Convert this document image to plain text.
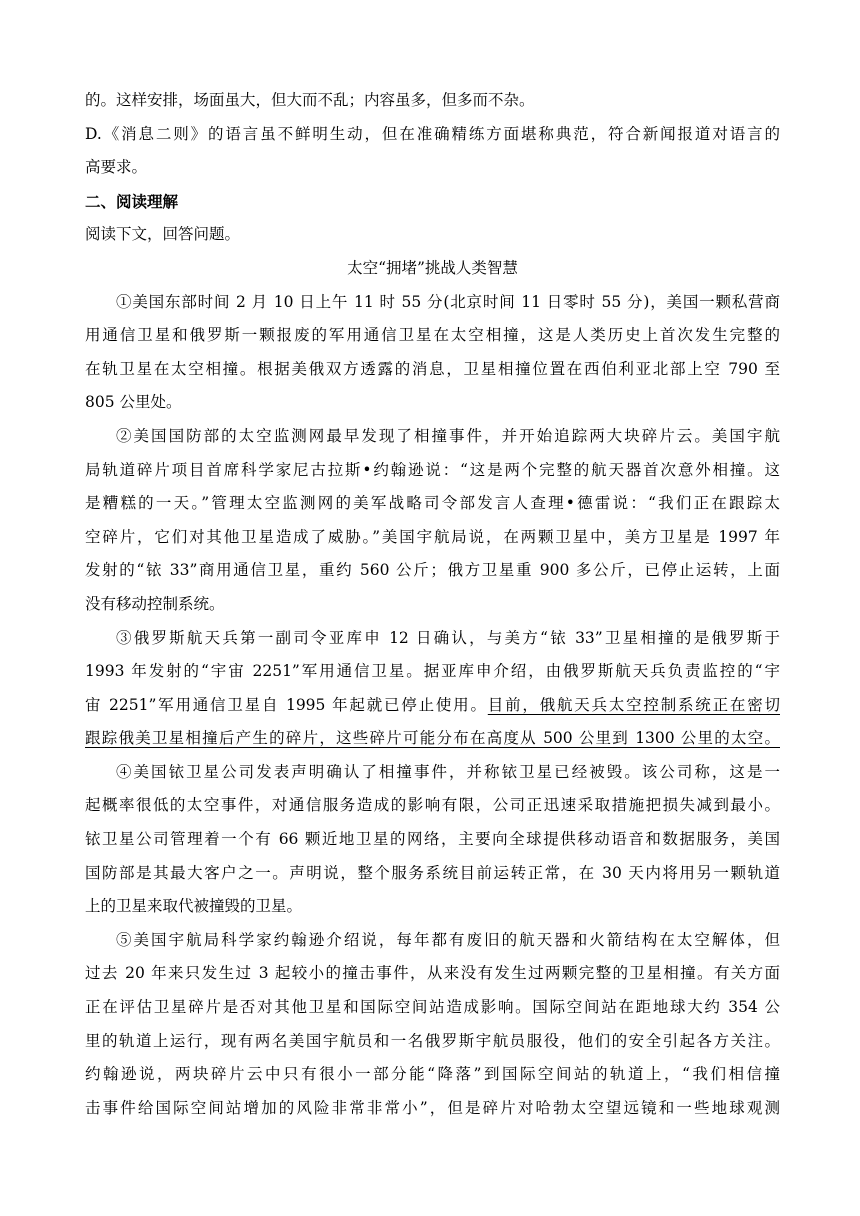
的。这样安排，场面虽大，但大而不乱；内容虽多，但多而不杂。

D.《消息二则》的语言虽不鲜明生动，但在准确精练方面堪称典范，符合新闻报道对语言的

高要求。

二、阅读理解

阅读下文，回答问题。

太空“拥堵”挑战人类智慧

①美国东部时间 2 月 10 日上午 11 时 55 分(北京时间 11 日零时 55 分)，美国一颗私营商

用通信卫星和俄罗斯一颗报废的军用通信卫星在太空相撞，这是人类历史上首次发生完整的

在轨卫星在太空相撞。根据美俄双方透露的消息，卫星相撞位置在西伯利亚北部上空 790 至

805 公里处。

②美国国防部的太空监测网最早发现了相撞事件，并开始追踪两大块碎片云。美国宇航

局轨道碎片项目首席科学家尼古拉斯•约翰逊说：“这是两个完整的航天器首次意外相撞。这

是糟糕的一天。”管理太空监测网的美军战略司令部发言人查理•德雷说：“我们正在跟踪太

空碎片，它们对其他卫星造成了威胁。”美国宇航局说，在两颗卫星中，美方卫星是 1997 年

发射的“铱 33”商用通信卫星，重约 560 公斤；俄方卫星重 900 多公斤，已停止运转，上面

没有移动控制系统。

③俄罗斯航天兵第一副司令亚库申 12 日确认，与美方“铱 33”卫星相撞的是俄罗斯于

1993 年发射的“宇宙 2251”军用通信卫星。据亚库申介绍，由俄罗斯航天兵负责监控的“宇

宙 2251”军用通信卫星自 1995 年起就已停止使用。目前，俄航天兵太空控制系统正在密切

跟踪俄美卫星相撞后产生的碎片，这些碎片可能分布在高度从 500 公里到 1300 公里的太空。

④美国铱卫星公司发表声明确认了相撞事件，并称铱卫星已经被毁。该公司称，这是一

起概率很低的太空事件，对通信服务造成的影响有限，公司正迅速采取措施把损失减到最小。

铱卫星公司管理着一个有 66 颗近地卫星的网络，主要向全球提供移动语音和数据服务，美国

国防部是其最大客户之一。声明说，整个服务系统目前运转正常，在 30 天内将用另一颗轨道

上的卫星来取代被撞毁的卫星。

⑤美国宇航局科学家约翰逊介绍说，每年都有废旧的航天器和火箭结构在太空解体，但

过去 20 年来只发生过 3 起较小的撞击事件，从来没有发生过两颗完整的卫星相撞。有关方面

正在评估卫星碎片是否对其他卫星和国际空间站造成影响。国际空间站在距地球大约 354 公

里的轨道上运行，现有两名美国宇航员和一名俄罗斯宇航员服役，他们的安全引起各方关注。

约翰逊说，两块碎片云中只有很小一部分能“降落”到国际空间站的轨道上，“我们相信撞

击事件给国际空间站增加的风险非常非常小”，但是碎片对哈勃太空望远镜和一些地球观测
